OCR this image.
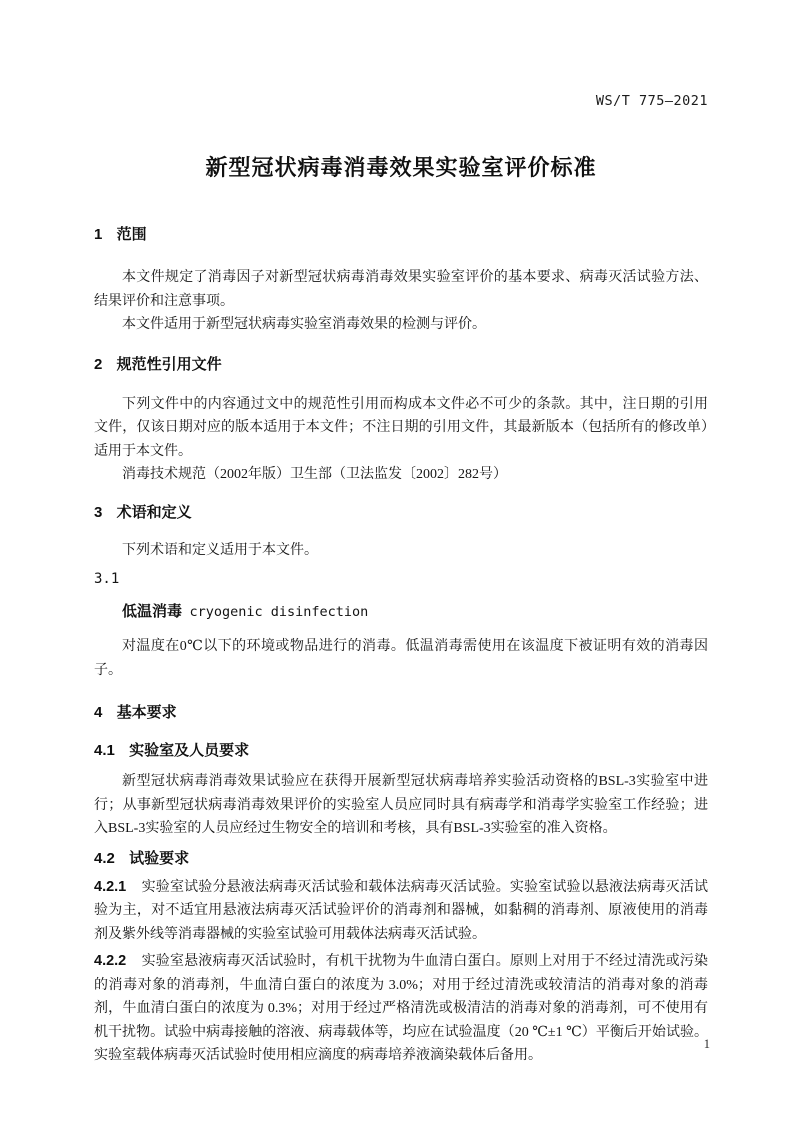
WS/T 775—2021
新型冠状病毒消毒效果实验室评价标准
1 范围

本文件规定了消毒因子对新型冠状病毒消毒效果实验室评价的基本要求、病毒灭活试验方法、结果评价和注意事项。

本文件适用于新型冠状病毒实验室消毒效果的检测与评价。

2 规范性引用文件

下列文件中的内容通过文中的规范性引用而构成本文件必不可少的条款。其中，注日期的引用文件，仅该日期对应的版本适用于本文件；不注日期的引用文件，其最新版本（包括所有的修改单）适用于本文件。

消毒技术规范（2002年版）卫生部（卫法监发〔2002〕282号）

3 术语和定义

下列术语和定义适用于本文件。

3.1

低温消毒 cryogenic disinfection

对温度在0℃以下的环境或物品进行的消毒。低温消毒需使用在该温度下被证明有效的消毒因子。

4 基本要求
4.1 实验室及人员要求

新型冠状病毒消毒效果试验应在获得开展新型冠状病毒培养实验活动资格的BSL-3实验室中进行；从事新型冠状病毒消毒效果评价的实验室人员应同时具有病毒学和消毒学实验室工作经验；进入BSL-3实验室的人员应经过生物安全的培训和考核，具有BSL-3实验室的准入资格。

4.2 试验要求

4.2.1 实验室试验分悬液法病毒灭活试验和载体法病毒灭活试验。实验室试验以悬液法病毒灭活试验为主，对不适宜用悬液法病毒灭活试验评价的消毒剂和器械，如黏稠的消毒剂、原液使用的消毒剂及紫外线等消毒器械的实验室试验可用载体法病毒灭活试验。

4.2.2 实验室悬液病毒灭活试验时，有机干扰物为牛血清白蛋白。原则上对用于不经过清洗或污染的消毒对象的消毒剂，牛血清白蛋白的浓度为 3.0%；对用于经过清洗或较清洁的消毒对象的消毒剂，牛血清白蛋白的浓度为 0.3%；对用于经过严格清洗或极清洁的消毒对象的消毒剂，可不使用有机干扰物。试验中病毒接触的溶液、病毒载体等，均应在试验温度（20 ℃±1 ℃）平衡后开始试验。实验室载体病毒灭活试验时使用相应滴度的病毒培养液滴染载体后备用。

1
